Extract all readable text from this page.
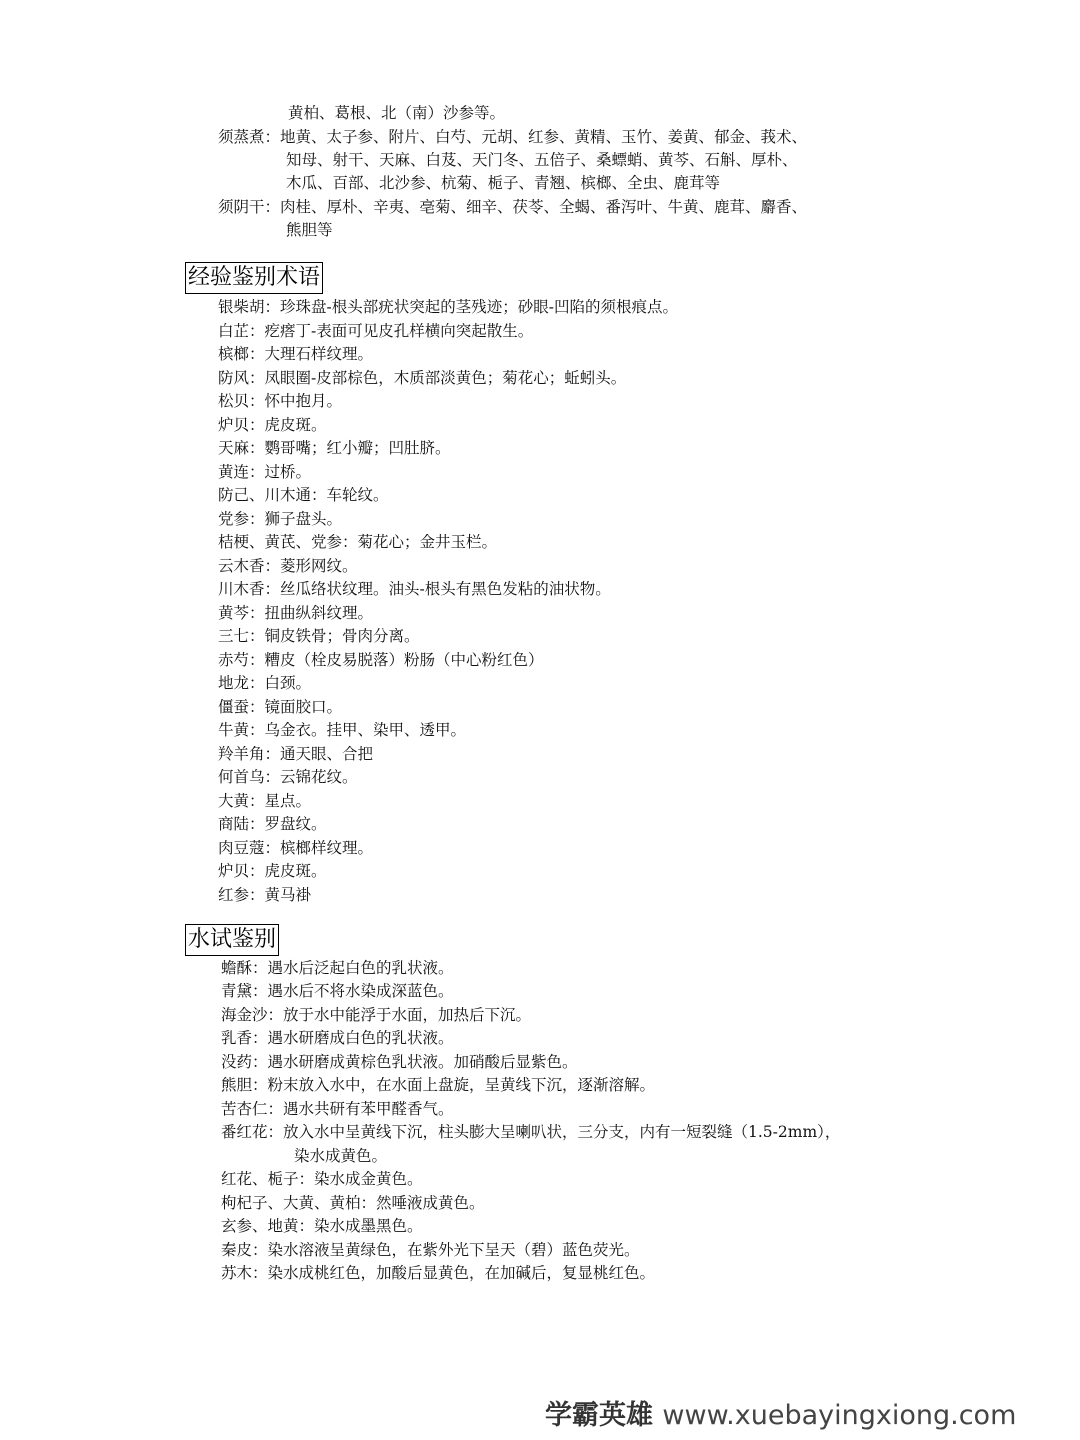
黄柏、葛根、北（南）沙参等。
须蒸煮：地黄、太子参、附片、白芍、元胡、红参、黄精、玉竹、姜黄、郁金、莪术、
知母、射干、天麻、白芨、天门冬、五倍子、桑螵蛸、黄芩、石斛、厚朴、
木瓜、百部、北沙参、杭菊、栀子、青翘、槟榔、全虫、鹿茸等
须阴干：肉桂、厚朴、辛夷、亳菊、细辛、茯苓、全蝎、番泻叶、牛黄、鹿茸、麝香、
熊胆等
经验鉴别术语
银柴胡：珍珠盘-根头部疣状突起的茎残迹；砂眼-凹陷的须根痕点。
白芷：疙瘩丁-表面可见皮孔样横向突起散生。
槟榔：大理石样纹理。
防风：凤眼圈-皮部棕色，木质部淡黄色；菊花心；蚯蚓头。
松贝：怀中抱月。
炉贝：虎皮斑。
天麻：鹦哥嘴；红小瓣；凹肚脐。
黄连：过桥。
防己、川木通：车轮纹。
党参：狮子盘头。
桔梗、黄芪、党参：菊花心；金井玉栏。
云木香：菱形网纹。
川木香：丝瓜络状纹理。油头-根头有黑色发粘的油状物。
黄芩：扭曲纵斜纹理。
三七：铜皮铁骨；骨肉分离。
赤芍：糟皮（栓皮易脱落）粉肠（中心粉红色）
地龙：白颈。
僵蚕：镜面胶口。
牛黄：乌金衣。挂甲、染甲、透甲。
羚羊角：通天眼、合把
何首乌：云锦花纹。
大黄：星点。
商陆：罗盘纹。
肉豆蔻：槟榔样纹理。
炉贝：虎皮斑。
红参：黄马褂
水试鉴别
蟾酥：遇水后泛起白色的乳状液。
青黛：遇水后不将水染成深蓝色。
海金沙：放于水中能浮于水面，加热后下沉。
乳香：遇水研磨成白色的乳状液。
没药：遇水研磨成黄棕色乳状液。加硝酸后显紫色。
熊胆：粉末放入水中，在水面上盘旋，呈黄线下沉，逐渐溶解。
苦杏仁：遇水共研有苯甲醛香气。
番红花：放入水中呈黄线下沉，柱头膨大呈喇叭状，三分支，内有一短裂缝（1.5-2mm），
染水成黄色。
红花、栀子：染水成金黄色。
枸杞子、大黄、黄柏：然唾液成黄色。
玄参、地黄：染水成墨黑色。
秦皮：染水溶液呈黄绿色，在紫外光下呈天（碧）蓝色荧光。
苏木：染水成桃红色，加酸后显黄色，在加碱后，复显桃红色。
学霸英雄 www.xuebayingxiong.com
